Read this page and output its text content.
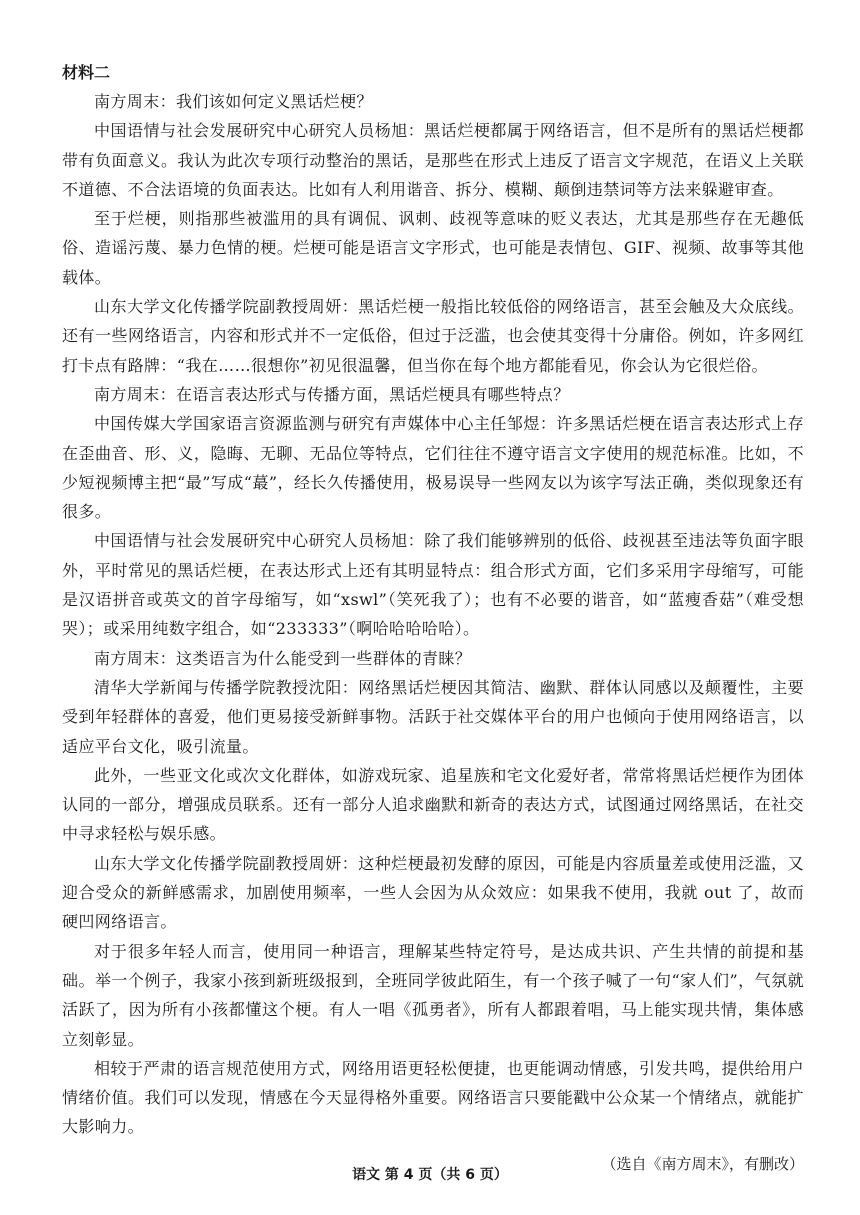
材料二

南方周末：我们该如何定义黑话烂梗？

中国语情与社会发展研究中心研究人员杨旭：黑话烂梗都属于网络语言，但不是所有的黑话烂梗都带有负面意义。我认为此次专项行动整治的黑话，是那些在形式上违反了语言文字规范，在语义上关联不道德、不合法语境的负面表达。比如有人利用谐音、拆分、模糊、颠倒违禁词等方法来躲避审查。

至于烂梗，则指那些被滥用的具有调侃、讽刺、歧视等意味的贬义表达，尤其是那些存在无趣低俗、造谣污蔑、暴力色情的梗。烂梗可能是语言文字形式，也可能是表情包、GIF、视频、故事等其他载体。

山东大学文化传播学院副教授周妍：黑话烂梗一般指比较低俗的网络语言，甚至会触及大众底线。还有一些网络语言，内容和形式并不一定低俗，但过于泛滥，也会使其变得十分庸俗。例如，许多网红打卡点有路牌：“我在……很想你”初见很温馨，但当你在每个地方都能看见，你会认为它很烂俗。

南方周末：在语言表达形式与传播方面，黑话烂梗具有哪些特点？

中国传媒大学国家语言资源监测与研究有声媒体中心主任邹煜：许多黑话烂梗在语言表达形式上存在歪曲音、形、义，隐晦、无聊、无品位等特点，它们往往不遵守语言文字使用的规范标准。比如，不少短视频博主把“最”写成“蕞”，经长久传播使用，极易误导一些网友以为该字写法正确，类似现象还有很多。

中国语情与社会发展研究中心研究人员杨旭：除了我们能够辨别的低俗、歧视甚至违法等负面字眼外，平时常见的黑话烂梗，在表达形式上还有其明显特点：组合形式方面，它们多采用字母缩写，可能是汉语拼音或英文的首字母缩写，如“xswl”（笑死我了）；也有不必要的谐音，如“蓝瘦香菇”（难受想哭）；或采用纯数字组合，如“233333”（啊哈哈哈哈哈）。

南方周末：这类语言为什么能受到一些群体的青睐？

清华大学新闻与传播学院教授沈阳：网络黑话烂梗因其简洁、幽默、群体认同感以及颠覆性，主要受到年轻群体的喜爱，他们更易接受新鲜事物。活跃于社交媒体平台的用户也倾向于使用网络语言，以适应平台文化，吸引流量。

此外，一些亚文化或次文化群体，如游戏玩家、追星族和宅文化爱好者，常常将黑话烂梗作为团体认同的一部分，增强成员联系。还有一部分人追求幽默和新奇的表达方式，试图通过网络黑话，在社交中寻求轻松与娱乐感。

山东大学文化传播学院副教授周妍：这种烂梗最初发酵的原因，可能是内容质量差或使用泛滥，又迎合受众的新鲜感需求，加剧使用频率，一些人会因为从众效应：如果我不使用，我就 out 了，故而硬凹网络语言。

对于很多年轻人而言，使用同一种语言，理解某些特定符号，是达成共识、产生共情的前提和基础。举一个例子，我家小孩到新班级报到，全班同学彼此陌生，有一个孩子喊了一句“家人们”，气氛就活跃了，因为所有小孩都懂这个梗。有人一唱《孤勇者》，所有人都跟着唱，马上能实现共情，集体感立刻彰显。

相较于严肃的语言规范使用方式，网络用语更轻松便捷，也更能调动情感，引发共鸣，提供给用户情绪价值。我们可以发现，情感在今天显得格外重要。网络语言只要能戳中公众某一个情绪点，就能扩大影响力。

（选自《南方周末》，有删改）

语文 第 4 页（共 6 页）
